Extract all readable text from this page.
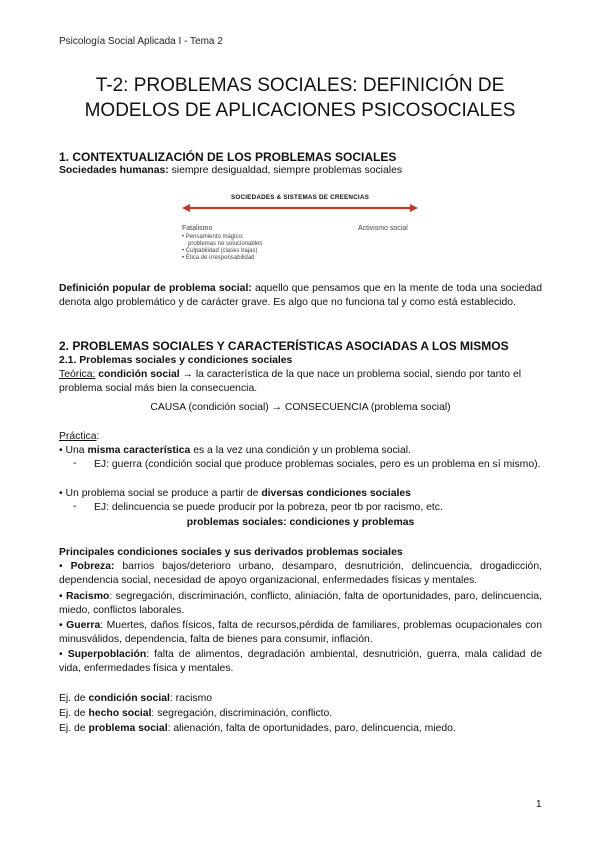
Psicología Social Aplicada I - Tema 2
T-2: PROBLEMAS SOCIALES: DEFINICIÓN DE
MODELOS DE APLICACIONES PSICOSOCIALES
1. CONTEXTUALIZACIÓN DE LOS PROBLEMAS SOCIALES
Sociedades humanas: siempre desigualdad, siempre problemas sociales
SOCIEDADES & SISTEMAS DE CREENCIAS
Fatalismo	Activismo social
• Pensamiento mágico:
problemas no solucionables
• Culpabilidad (clases bajas)
• Ética de irresponsabilidad
Definición popular de problema social: aquello que pensamos que en la mente de toda una sociedad denota algo problemático y de carácter grave. Es algo que no funciona tal y como está establecido.
2. PROBLEMAS SOCIALES Y CARACTERÍSTICAS ASOCIADAS A LOS MISMOS
2.1. Problemas sociales y condiciones sociales
Teórica: condición social → la característica de la que nace un problema social, siendo por tanto el problema social más bien la consecuencia.
CAUSA (condición social) → CONSECUENCIA (problema social)
Práctica:
• Una misma característica es a la vez una condición y un problema social.
- EJ: guerra (condición social que produce problemas sociales, pero es un problema en sí mismo).
• Un problema social se produce a partir de diversas condiciones sociales
- EJ: delincuencia se puede producir por la pobreza, peor tb por racismo, etc.
problemas sociales: condiciones y problemas
Principales condiciones sociales y sus derivados problemas sociales
• Pobreza: barrios bajos/deterioro urbano, desamparo, desnutrición, delincuencia, drogadicción, dependencia social, necesidad de apoyo organizacional, enfermedades físicas y mentales.
• Racismo: segregación, discriminación, conflicto, aliniación, falta de oportunidades, paro, delincuencia, miedo, conflictos laborales.
• Guerra: Muertes, daños físicos, falta de recursos,pérdida de familiares, problemas ocupacionales con minusválidos, dependencia, falta de bienes para consumir, inflación.
• Superpoblación: falta de alimentos, degradación ambiental, desnutrición, guerra, mala calidad de vida, enfermedades física y mentales.
Ej. de condición social: racismo
Ej. de hecho social: segregación, discriminación, conflicto.
Ej. de problema social: alienación, falta de oportunidades, paro, delincuencia, miedo.
1
